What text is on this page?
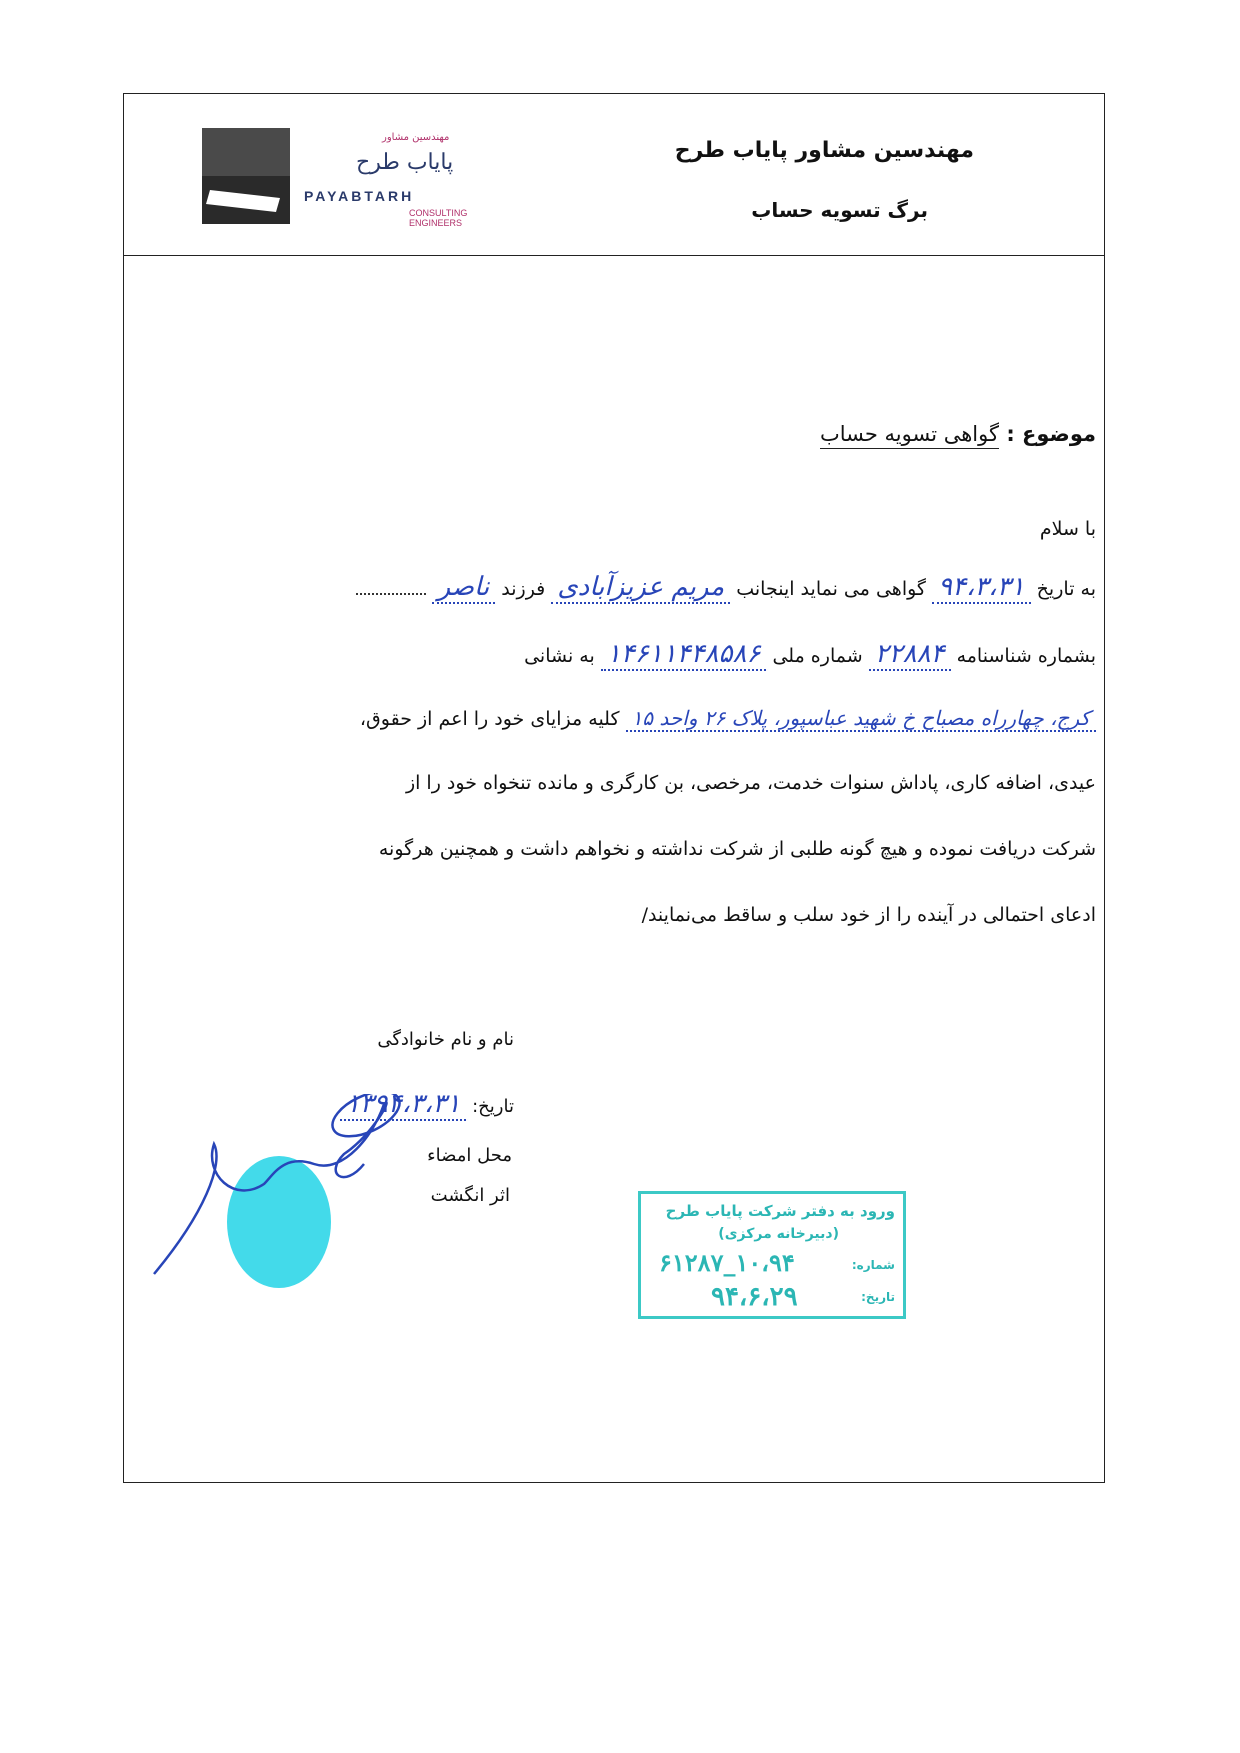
مهندسین مشاور
پایاب طرح
PAYABTARH
CONSULTING ENGINEERS
مهندسین مشاور پایاب طرح
برگ تسویه حساب
موضوع : گواهی تسویه حساب
با سلام
به تاریخ ۹۴،۳،۳۱ گواهی می نماید اینجانب مریم عزیزآبادی فرزند ناصر
بشماره شناسنامه ۲۲۸۸۴ شماره ملی ۱۴۶۱۱۴۴۸۵۸۶ به نشانی
کرج، چهارراه مصباح خ شهید عباسپور، پلاک ۲۶ واحد ۱۵ کلیه مزایای خود را اعم از حقوق،
عیدی، اضافه کاری، پاداش سنوات خدمت، مرخصی، بن کارگری و مانده تنخواه خود را از
شرکت دریافت نموده و هیچ گونه طلبی از شرکت نداشته و نخواهم داشت و همچنین هرگونه
ادعای احتمالی در آینده را از خود سلب و ساقط می‌نمایند/
نام و نام خانوادگی
تاریخ: ۱۳۹۴،۳،۳۱
محل امضاء
اثر انگشت
ورود به دفتر شرکت پایاب طرح
(دبیرخانه مرکزی)
شماره:
۱۰،۹۴_۶۱۲۸۷
تاریخ:
۹۴،۶،۲۹
